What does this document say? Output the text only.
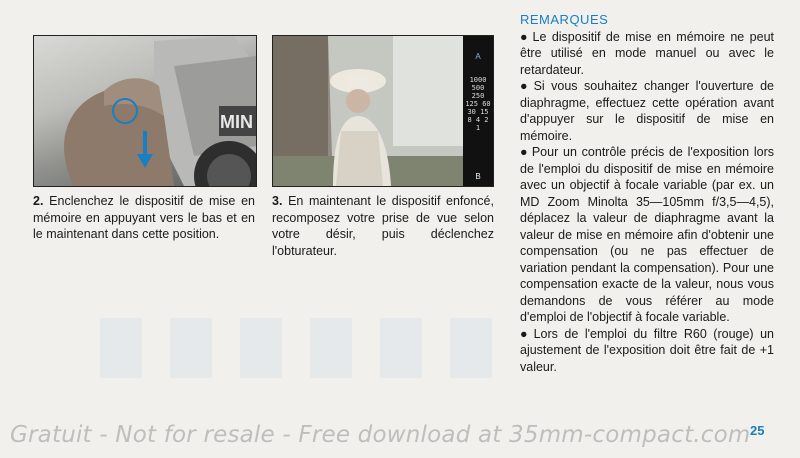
MIN
A
1000 500 250 125 60 30 15 8 4 2 1
B

2. Enclenchez le dispositif de mise en mémoire en appuyant vers le bas et en le maintenant dans cette position.

3. En maintenant le dispositif enfoncé, recomposez votre prise de vue selon votre désir, puis déclenchez l'obturateur.

REMARQUES

● Le dispositif de mise en mémoire ne peut être utilisé en mode manuel ou avec le retardateur.

● Si vous souhaitez changer l'ouverture de diaphragme, effectuez cette opération avant d'appuyer sur le dispositif de mise en mémoire.

● Pour un contrôle précis de l'exposition lors de l'emploi du dispositif de mise en mémoire avec un objectif à focale variable (par ex. un MD Zoom Minolta 35—105mm f/3,5—4,5), déplacez la valeur de diaphragme avant la valeur de mise en mémoire afin d'obtenir une compensation (ou ne pas effectuer de variation pendant la compensation). Pour une compensation exacte de la valeur, nous vous demandons de vous référer au mode d'emploi de l'objectif à focale variable.

● Lors de l'emploi du filtre R60 (rouge) un ajustement de l'exposition doit être fait de +1 valeur.

Gratuit - Not for resale - Free download at 35mm-compact.com 25
